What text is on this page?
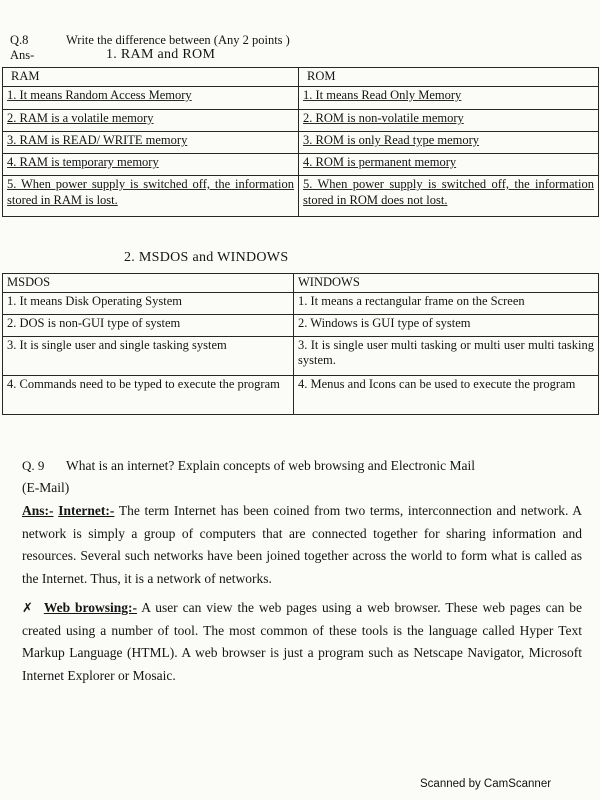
Q.8	Write the difference between (Any 2 points )
Ans-	1. RAM and ROM
RAM	ROM
1. It means Random Access Memory	1. It means Read Only Memory
2. RAM is a volatile memory	2. ROM is non-volatile memory
3. RAM is READ/ WRITE memory	3. ROM is only Read type memory
4. RAM is temporary memory	4. ROM is permanent memory
5. When power supply is switched off, the information stored in RAM is lost.	5. When power supply is switched off, the information stored in ROM does not lost.
2. MSDOS and WINDOWS
MSDOS	WINDOWS
1. It means Disk Operating System	1. It means a rectangular frame on the Screen
2. DOS is non-GUI type of system	2. Windows is GUI type of system
3. It is single user and single tasking system	3. It is single user multi tasking or multi user multi tasking system.
4. Commands need to be typed to execute the program	4. Menus and Icons can be used to execute the program
Q. 9 What is an internet? Explain concepts of web browsing and Electronic Mail
(E-Mail)
Ans:- Internet:- The term Internet has been coined from two terms, interconnection and network. A network is simply a group of computers that are connected together for sharing information and resources. Several such networks have been joined together across the world to form what is called as the Internet. Thus, it is a network of networks.
✗ Web browsing:- A user can view the web pages using a web browser. These web pages can be created using a number of tool. The most common of these tools is the language called Hyper Text Markup Language (HTML). A web browser is just a program such as Netscape Navigator, Microsoft Internet Explorer or Mosaic.
Scanned by CamScanner
